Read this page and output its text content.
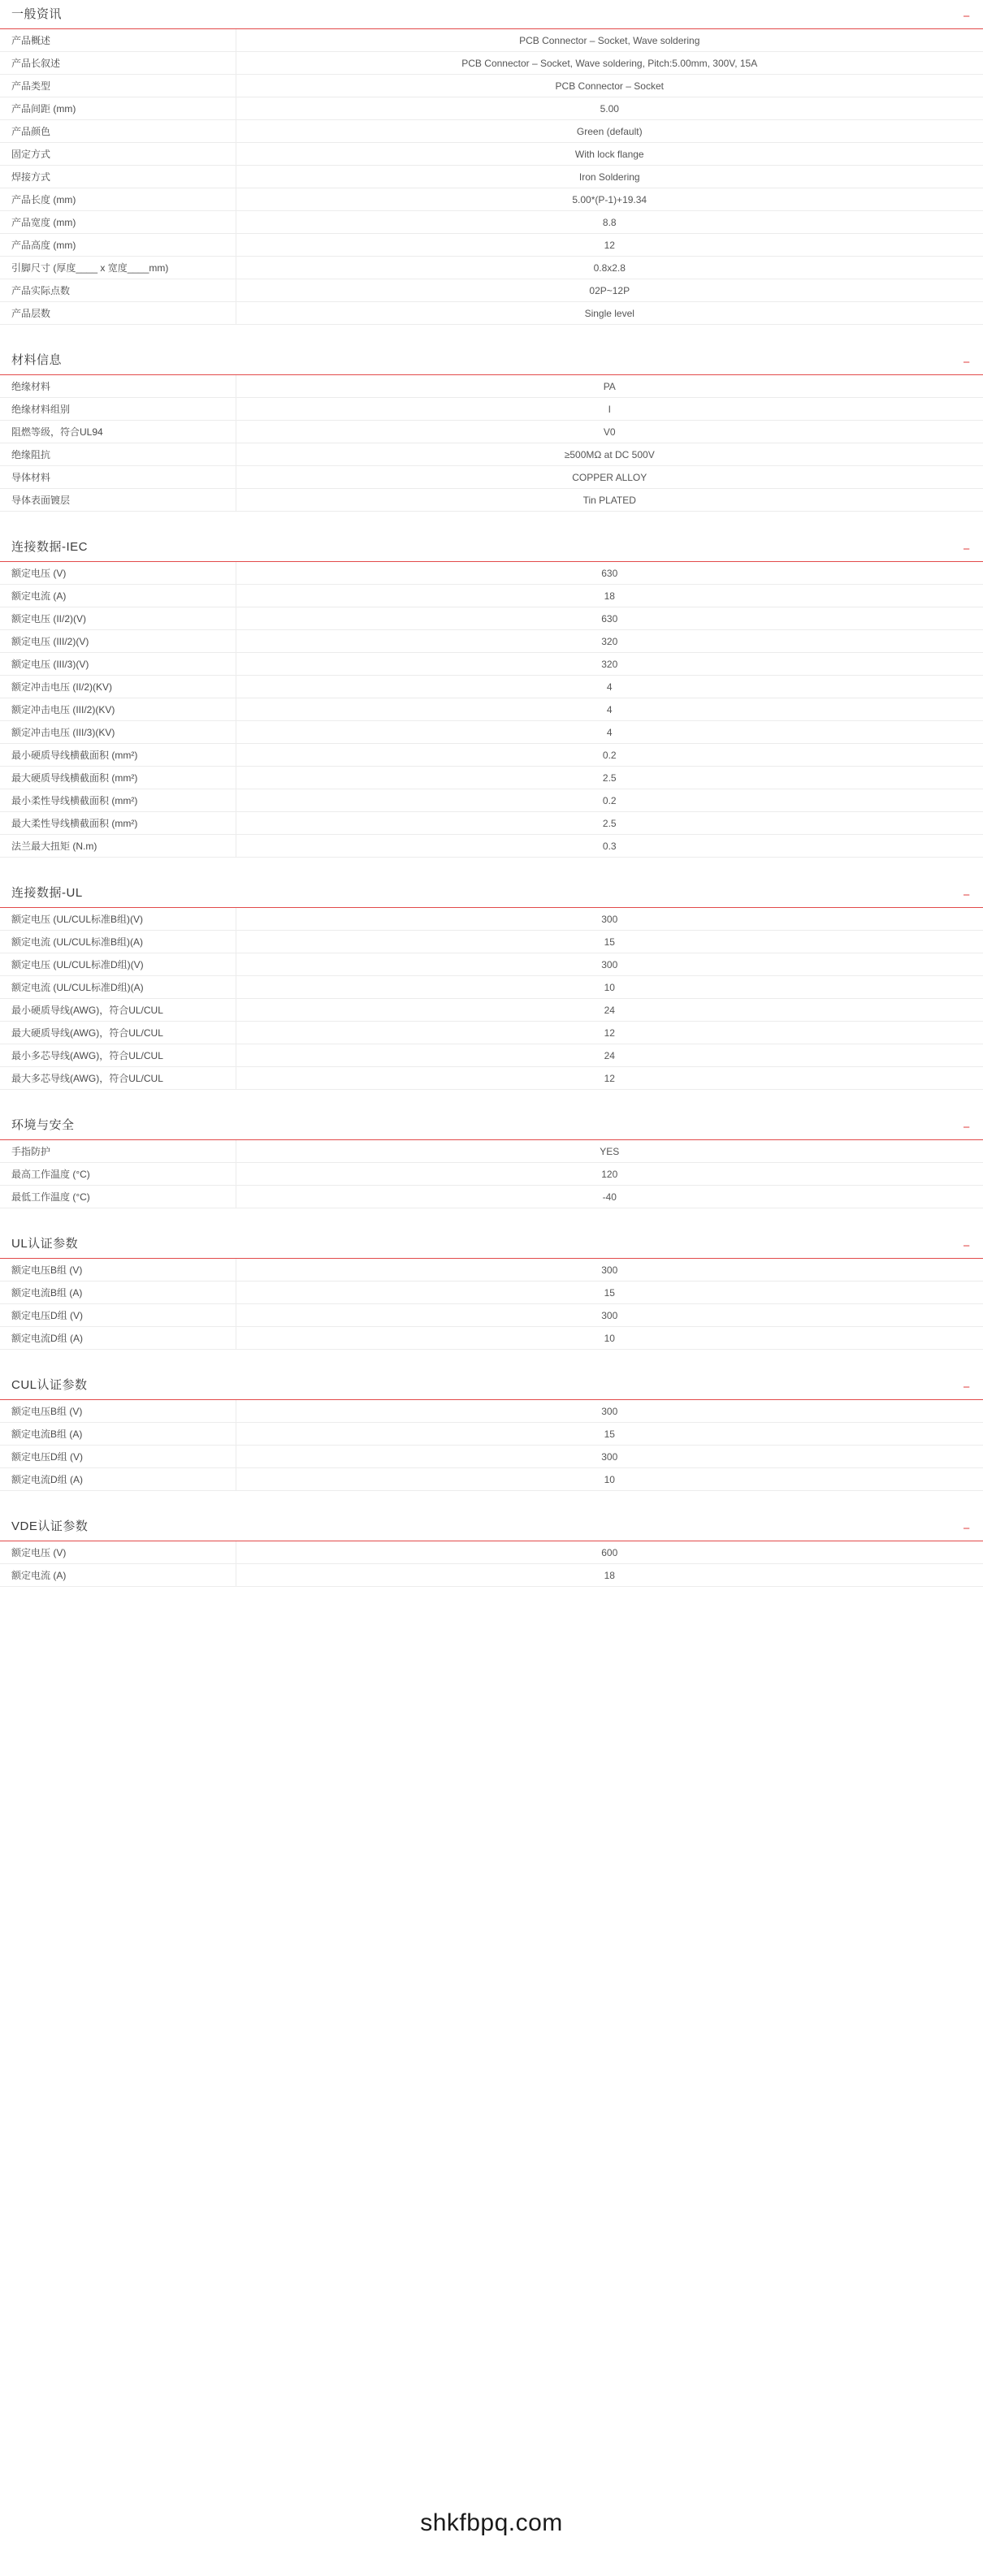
一般资讯	−
产品概述	PCB Connector – Socket, Wave soldering
产品长叙述	PCB Connector – Socket, Wave soldering, Pitch:5.00mm, 300V, 15A
产品类型	PCB Connector – Socket
产品间距 (mm)	5.00
产品颜色	Green (default)
固定方式	With lock flange
焊接方式	Iron Soldering
产品长度 (mm)	5.00*(P-1)+19.34
产品宽度 (mm)	8.8
产品高度 (mm)	12
引脚尺寸 (厚度____ x 宽度____mm)	0.8x2.8
产品实际点数	02P~12P
产品层数	Single level
材料信息	−
绝缘材料	PA
绝缘材料组别	I
阻燃等级，符合UL94	V0
绝缘阻抗	≥500MΩ at DC 500V
导体材料	COPPER ALLOY
导体表面镀层	Tin PLATED
连接数据-IEC	−
额定电压 (V)	630
额定电流 (A)	18
额定电压 (II/2)(V)	630
额定电压 (III/2)(V)	320
额定电压 (III/3)(V)	320
额定冲击电压 (II/2)(KV)	4
额定冲击电压 (III/2)(KV)	4
额定冲击电压 (III/3)(KV)	4
最小硬质导线横截面积 (mm²)	0.2
最大硬质导线横截面积 (mm²)	2.5
最小柔性导线横截面积 (mm²)	0.2
最大柔性导线横截面积 (mm²)	2.5
法兰最大扭矩 (N.m)	0.3
连接数据-UL	−
额定电压 (UL/CUL标准B组)(V)	300
额定电流 (UL/CUL标准B组)(A)	15
额定电压 (UL/CUL标准D组)(V)	300
额定电流 (UL/CUL标准D组)(A)	10
最小硬质导线(AWG)，符合UL/CUL	24
最大硬质导线(AWG)，符合UL/CUL	12
最小多芯导线(AWG)，符合UL/CUL	24
最大多芯导线(AWG)，符合UL/CUL	12
环境与安全	−
手指防护	YES
最高工作温度 (°C)	120
最低工作温度 (°C)	-40
UL认证参数	−
额定电压B组 (V)	300
额定电流B组 (A)	15
额定电压D组 (V)	300
额定电流D组 (A)	10
CUL认证参数	−
额定电压B组 (V)	300
额定电流B组 (A)	15
额定电压D组 (V)	300
额定电流D组 (A)	10
VDE认证参数	−
额定电压 (V)	600
额定电流 (A)	18
shkfbpq.com
